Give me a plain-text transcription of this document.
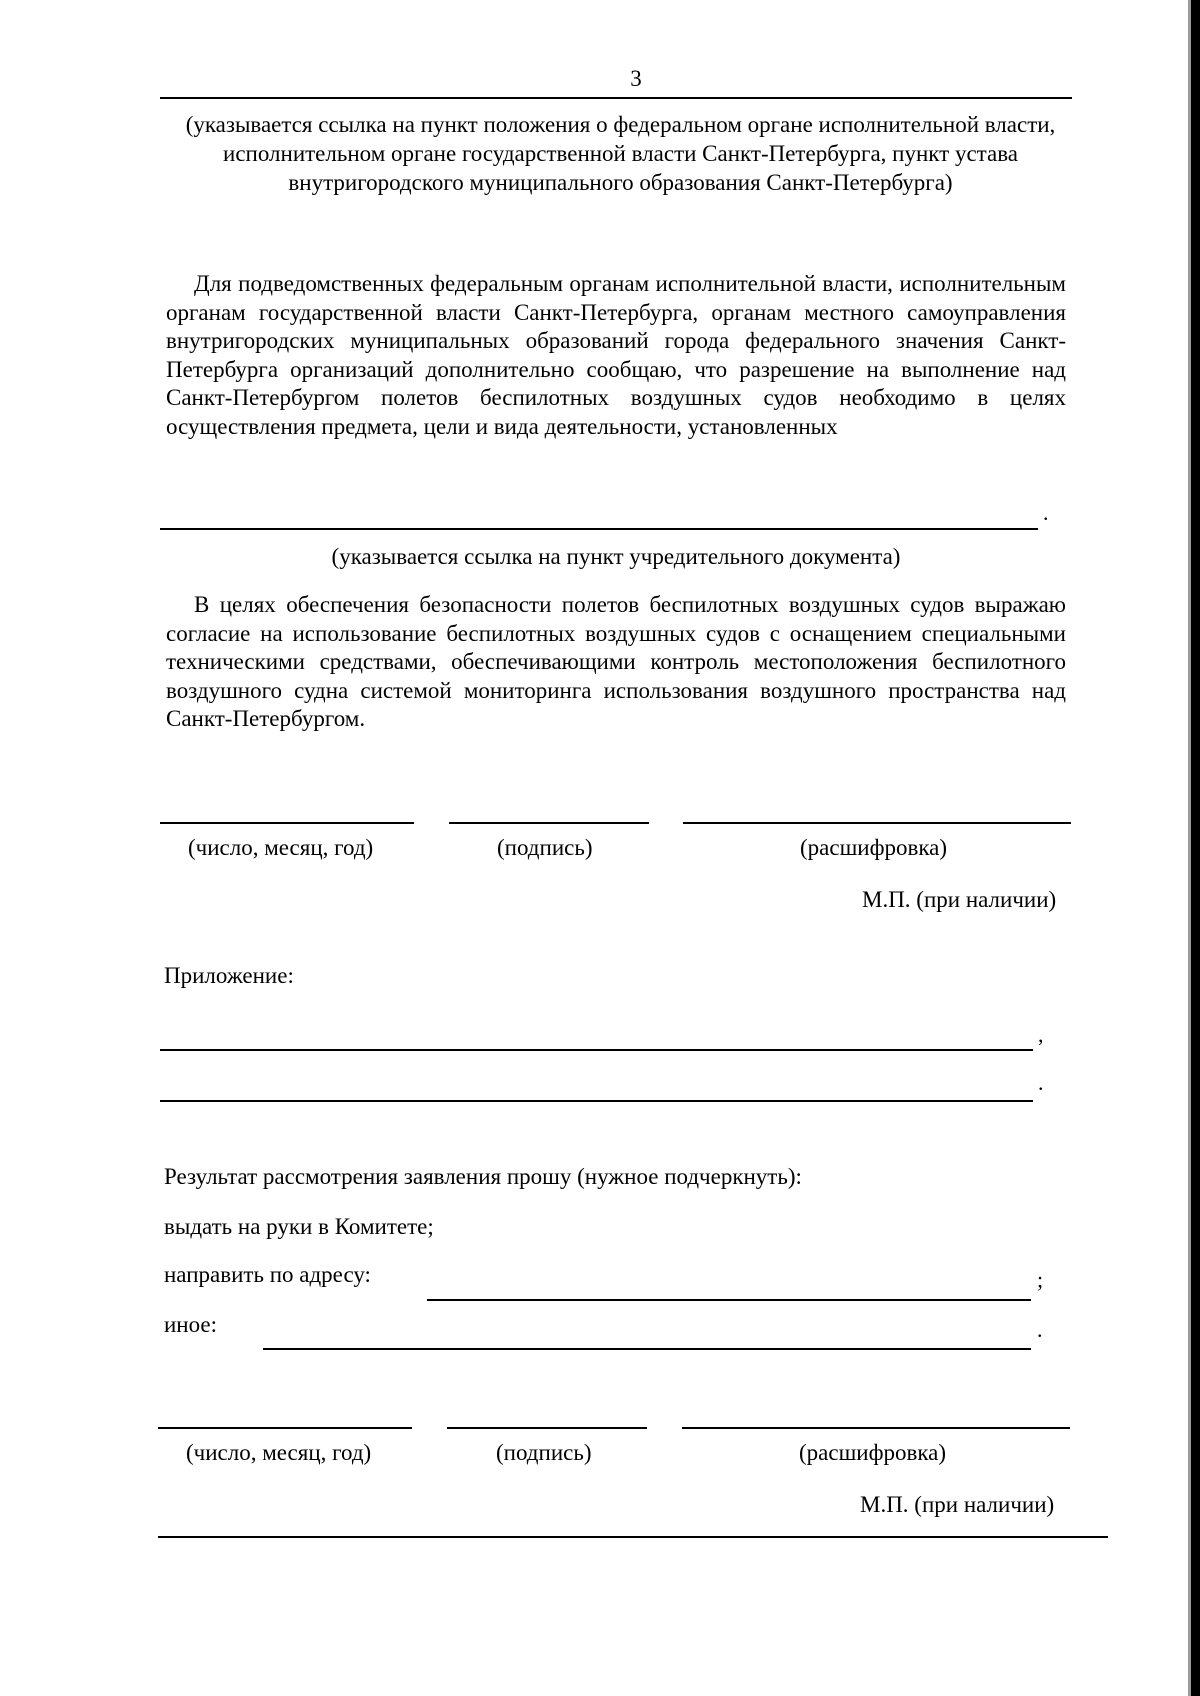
3
(указывается ссылка на пункт положения о федеральном органе исполнительной власти, исполнительном органе государственной власти Санкт-Петербурга, пункт устава внутригородского муниципального образования Санкт-Петербурга)

Для подведомственных федеральным органам исполнительной власти, исполнительным органам государственной власти Санкт-Петербурга, органам местного самоуправления внутригородских муниципальных образований города федерального значения Санкт-Петербурга организаций дополнительно сообщаю, что разрешение на выполнение над Санкт-Петербургом полетов беспилотных воздушных судов необходимо в целях осуществления предмета, цели и вида деятельности, установленных

.
(указывается ссылка на пункт учредительного документа)

В целях обеспечения безопасности полетов беспилотных воздушных судов выражаю согласие на использование беспилотных воздушных судов с оснащением специальными техническими средствами, обеспечивающими контроль местоположения беспилотного воздушного судна системой мониторинга использования воздушного пространства над Санкт-Петербургом.

(число, месяц, год)	(подпись)	(расшифровка)
М.П. (при наличии)
Приложение:
,
.
Результат рассмотрения заявления прошу (нужное подчеркнуть):
выдать на руки в Комитете;
направить по адресу:	;
иное:	.
(число, месяц, год)	(подпись)	(расшифровка)
М.П. (при наличии)
